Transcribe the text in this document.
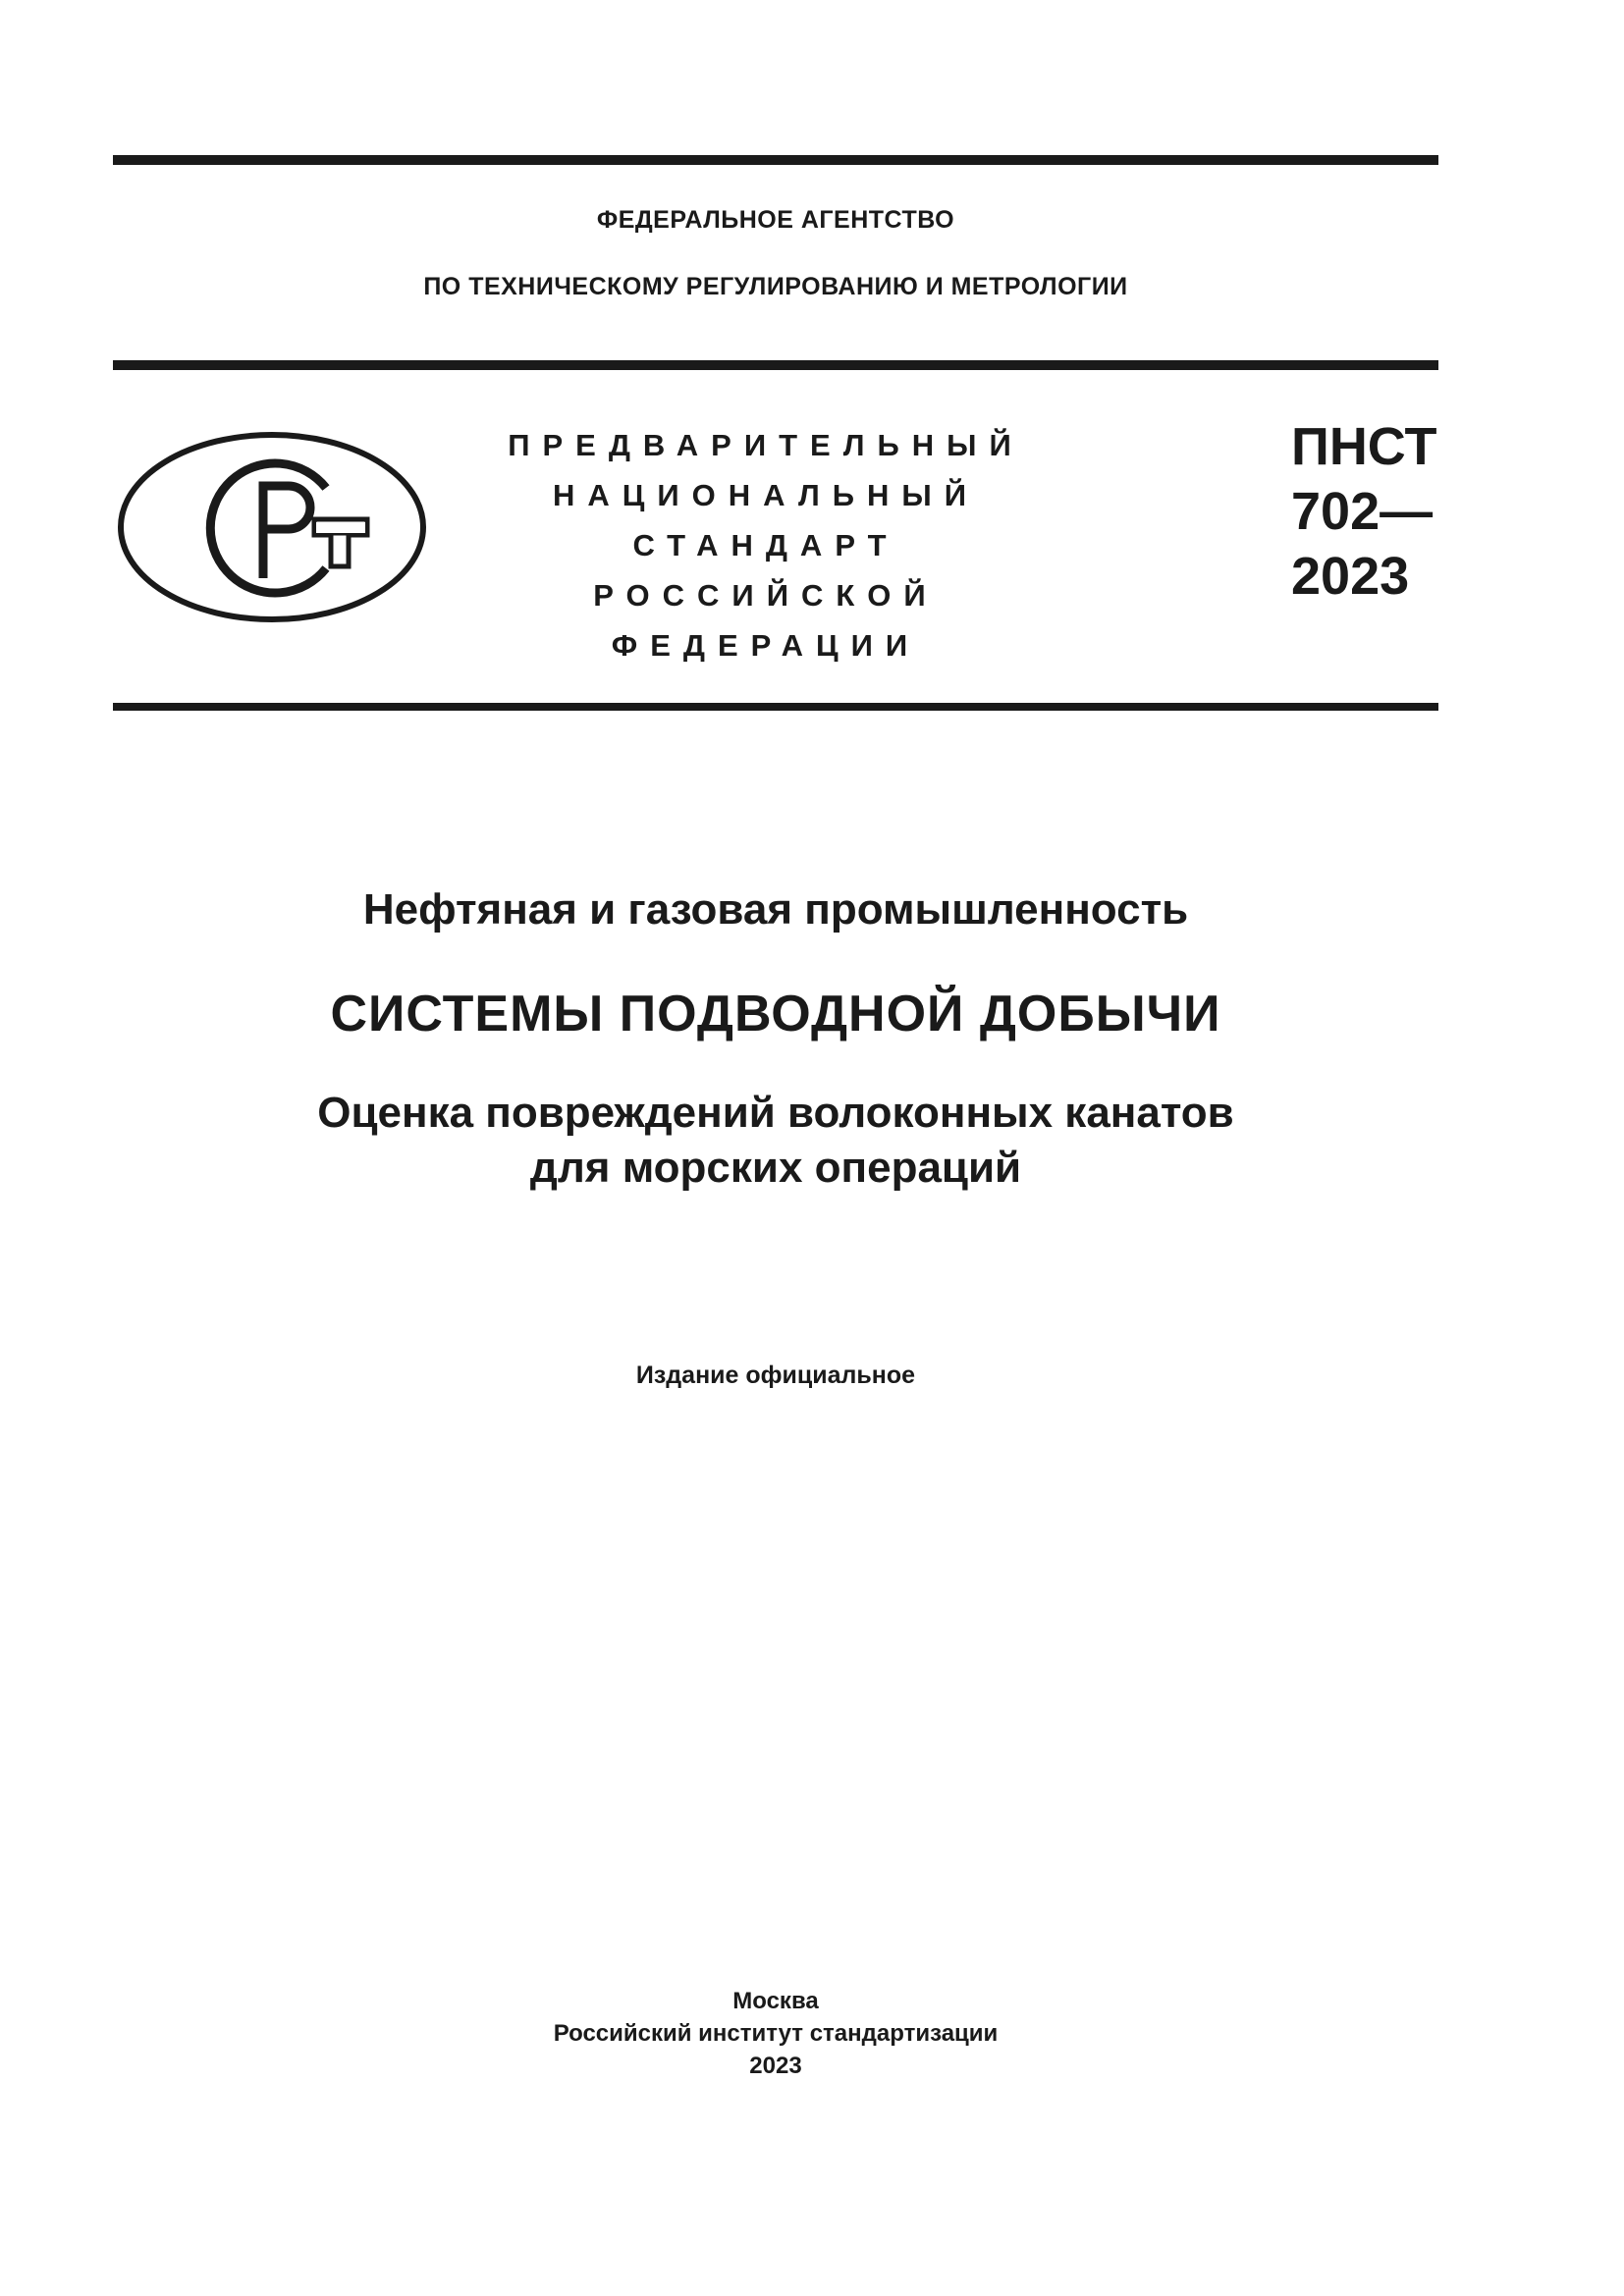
ФЕДЕРАЛЬНОЕ АГЕНТСТВО
ПО ТЕХНИЧЕСКОМУ РЕГУЛИРОВАНИЮ И МЕТРОЛОГИИ
ПРЕДВАРИТЕЛЬНЫЙ
НАЦИОНАЛЬНЫЙ
СТАНДАРТ
РОССИЙСКОЙ
ФЕДЕРАЦИИ
ПНСТ
702—
2023
Нефтяная и газовая промышленность
СИСТЕМЫ ПОДВОДНОЙ ДОБЫЧИ
Оценка повреждений волоконных канатов
для морских операций
Издание официальное
Москва
Российский институт стандартизации
2023
